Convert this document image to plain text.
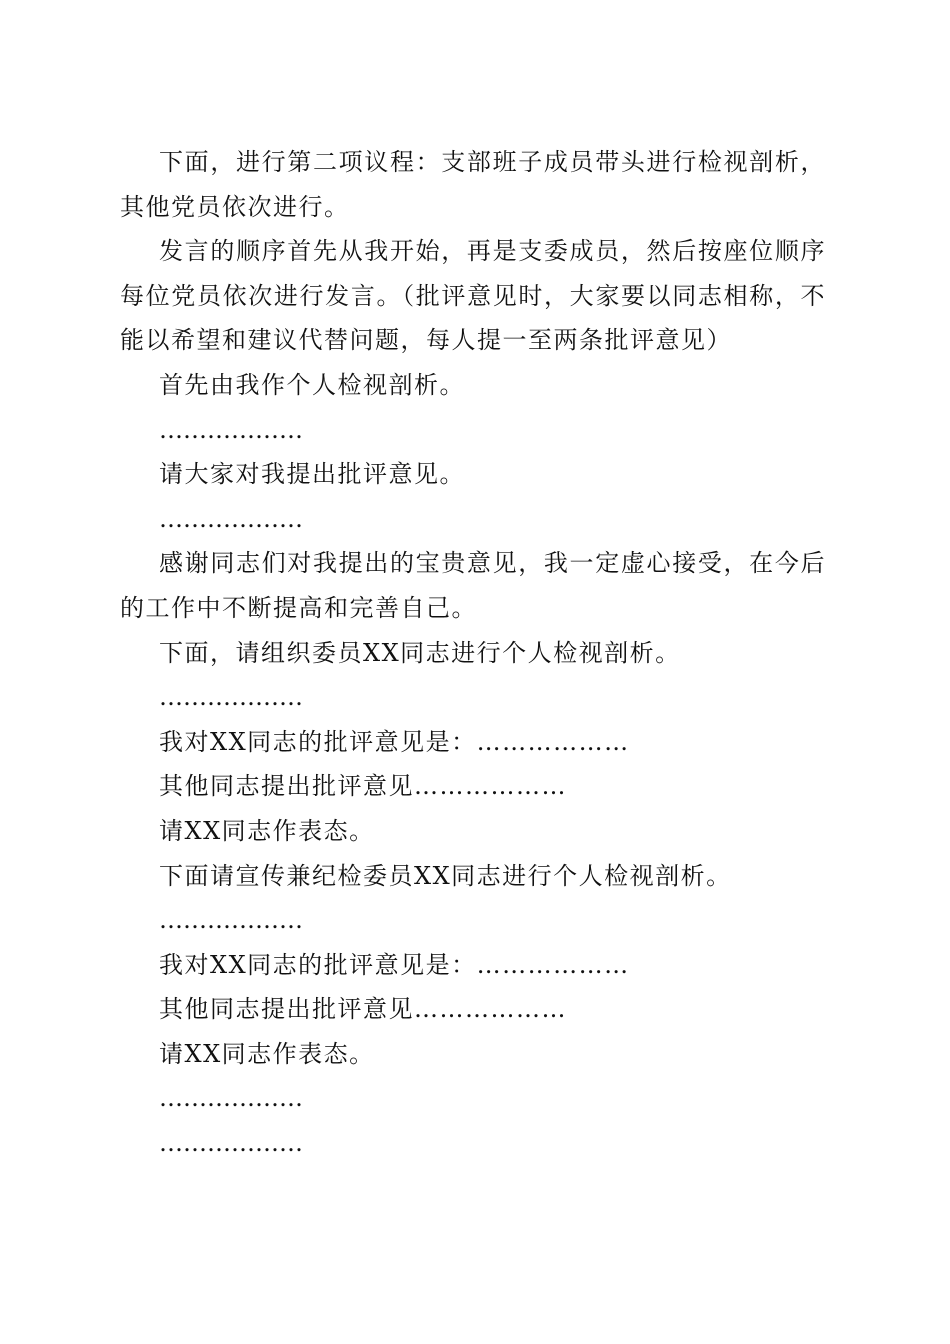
下面，进行第二项议程：支部班子成员带头进行检视剖析，其他党员依次进行。

发言的顺序首先从我开始，再是支委成员，然后按座位顺序每位党员依次进行发言。（批评意见时，大家要以同志相称，不能以希望和建议代替问题，每人提一至两条批评意见）

首先由我作个人检视剖析。

………………

请大家对我提出批评意见。

………………

感谢同志们对我提出的宝贵意见，我一定虚心接受，在今后的工作中不断提高和完善自己。

下面，请组织委员XX同志进行个人检视剖析。

………………

我对XX同志的批评意见是：………………

其他同志提出批评意见………………

请XX同志作表态。

下面请宣传兼纪检委员XX同志进行个人检视剖析。

………………

我对XX同志的批评意见是：………………

其他同志提出批评意见………………

请XX同志作表态。

………………

………………
